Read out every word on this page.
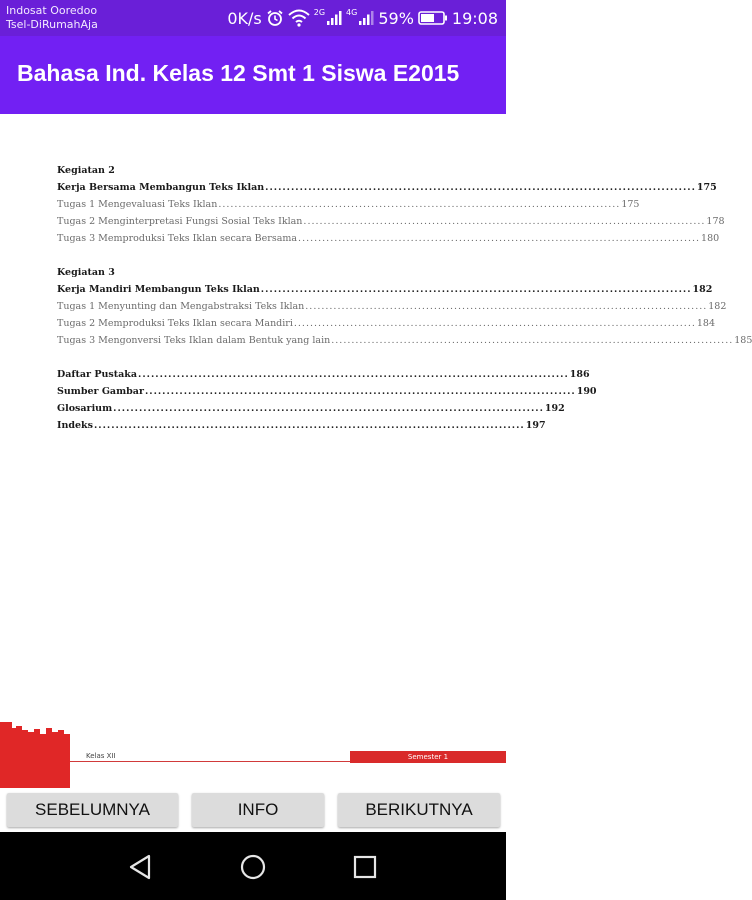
Indosat Ooredoo
Tsel-DiRumahAja	0K/s	2G	4G 59% 19:08
Bahasa Ind. Kelas 12 Smt 1 Siswa E2015
Kegiatan 2
Kerja Bersama Membangun Teks Iklan .................................................................................................... 175
Tugas 1 Mengevaluasi Teks Iklan .................................................................................................... 175
Tugas 2 Menginterpretasi Fungsi Sosial Teks Iklan .................................................................................................... 178
Tugas 3 Memproduksi Teks Iklan secara Bersama .................................................................................................... 180
Kegiatan 3
Kerja Mandiri Membangun Teks Iklan .................................................................................................... 182
Tugas 1 Menyunting dan Mengabstraksi Teks Iklan .................................................................................................... 182
Tugas 2 Memproduksi Teks Iklan secara Mandiri .................................................................................................... 184
Tugas 3 Mengonversi Teks Iklan dalam Bentuk yang lain .................................................................................................... 185
Daftar Pustaka .................................................................................................... 186
Sumber Gambar .................................................................................................... 190
Glosarium .................................................................................................... 192
Indeks .................................................................................................... 197
Kelas XII	Semester 1
SEBELUMNYA	INFO	BERIKUTNYA
